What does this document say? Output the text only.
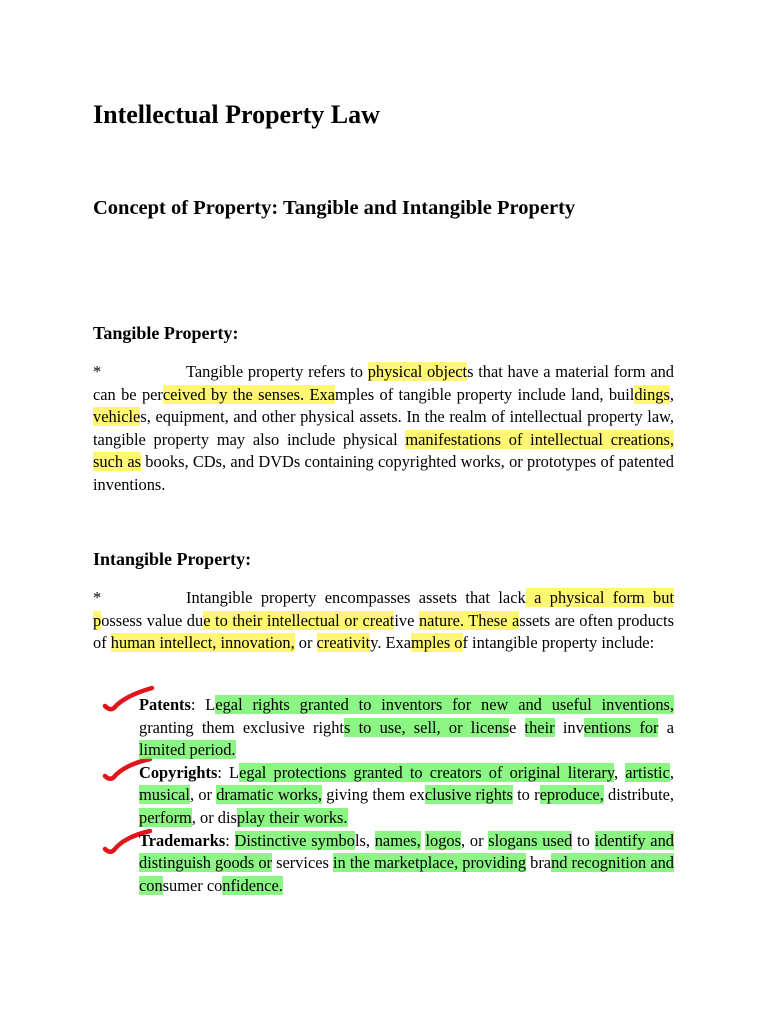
Intellectual Property Law
Concept of Property: Tangible and Intangible Property
Tangible Property:

*	Tangible property refers to physical objects that have a material form and can be perceived by the senses. Examples of tangible property include land, buildings, vehicles, equipment, and other physical assets. In the realm of intellectual property law, tangible property may also include physical manifestations of intellectual creations, such as books, CDs, and DVDs containing copyrighted works, or prototypes of patented inventions.

Intangible Property:

*	Intangible property encompasses assets that lack a physical form but possess value due to their intellectual or creative nature. These assets are often products of human intellect, innovation, or creativity. Examples of intangible property include:

Patents: Legal rights granted to inventors for new and useful inventions, granting them exclusive rights to use, sell, or license their inventions for a limited period.
Copyrights: Legal protections granted to creators of original literary, artistic, musical, or dramatic works, giving them exclusive rights to reproduce, distribute, perform, or display their works.
Trademarks: Distinctive symbols, names, logos, or slogans used to identify and distinguish goods or services in the marketplace, providing brand recognition and consumer confidence.
